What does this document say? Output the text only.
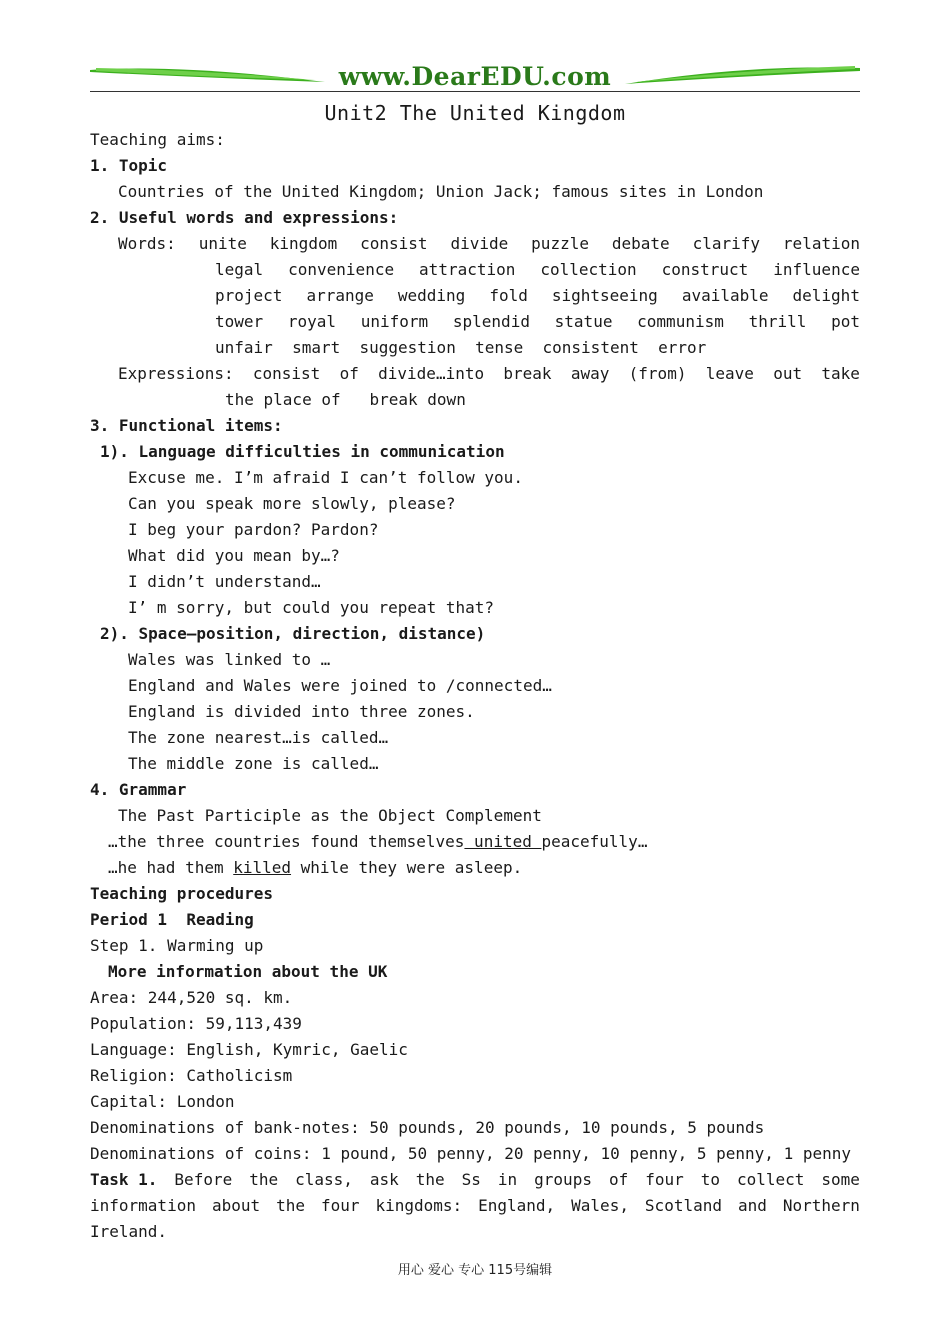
www.DearEDU.com
Unit2 The United Kingdom
Teaching aims:
1. Topic
Countries of the United Kingdom; Union Jack; famous sites in London
2. Useful words and expressions:
Words: unite kingdom consist divide puzzle debate clarify relation
legal convenience attraction collection construct influence
project arrange wedding fold sightseeing available delight
tower royal uniform splendid statue communism thrill pot
unfair  smart  suggestion  tense  consistent  error
Expressions: consist of divide…into break away (from) leave out take
the place of   break down
3. Functional items:
1). Language difficulties in communication
Excuse me. I’m afraid I can’t follow you.
Can you speak more slowly, please?
I beg your pardon? Pardon?
What did you mean by…?
I didn’t understand…
I’ m sorry, but could you repeat that?
2). Space—position, direction, distance)
Wales was linked to …
England and Wales were joined to /connected…
England is divided into three zones.
The zone nearest…is called…
The middle zone is called…
4. Grammar
The Past Participle as the Object Complement
…the three countries found themselves united peacefully…
…he had them killed while they were asleep.
Teaching procedures
Period 1  Reading
Step 1. Warming up
More information about the UK
Area: 244,520 sq. km.
Population: 59,113,439
Language: English, Kymric, Gaelic
Religion: Catholicism
Capital: London
Denominations of bank-notes: 50 pounds, 20 pounds, 10 pounds, 5 pounds
Denominations of coins: 1 pound, 50 penny, 20 penny, 10 penny, 5 penny, 1 penny
Task 1. Before the class, ask the Ss in groups of four to collect some
information about the four kingdoms: England, Wales, Scotland and Northern
Ireland.
用心 爱心 专心 115号编辑
